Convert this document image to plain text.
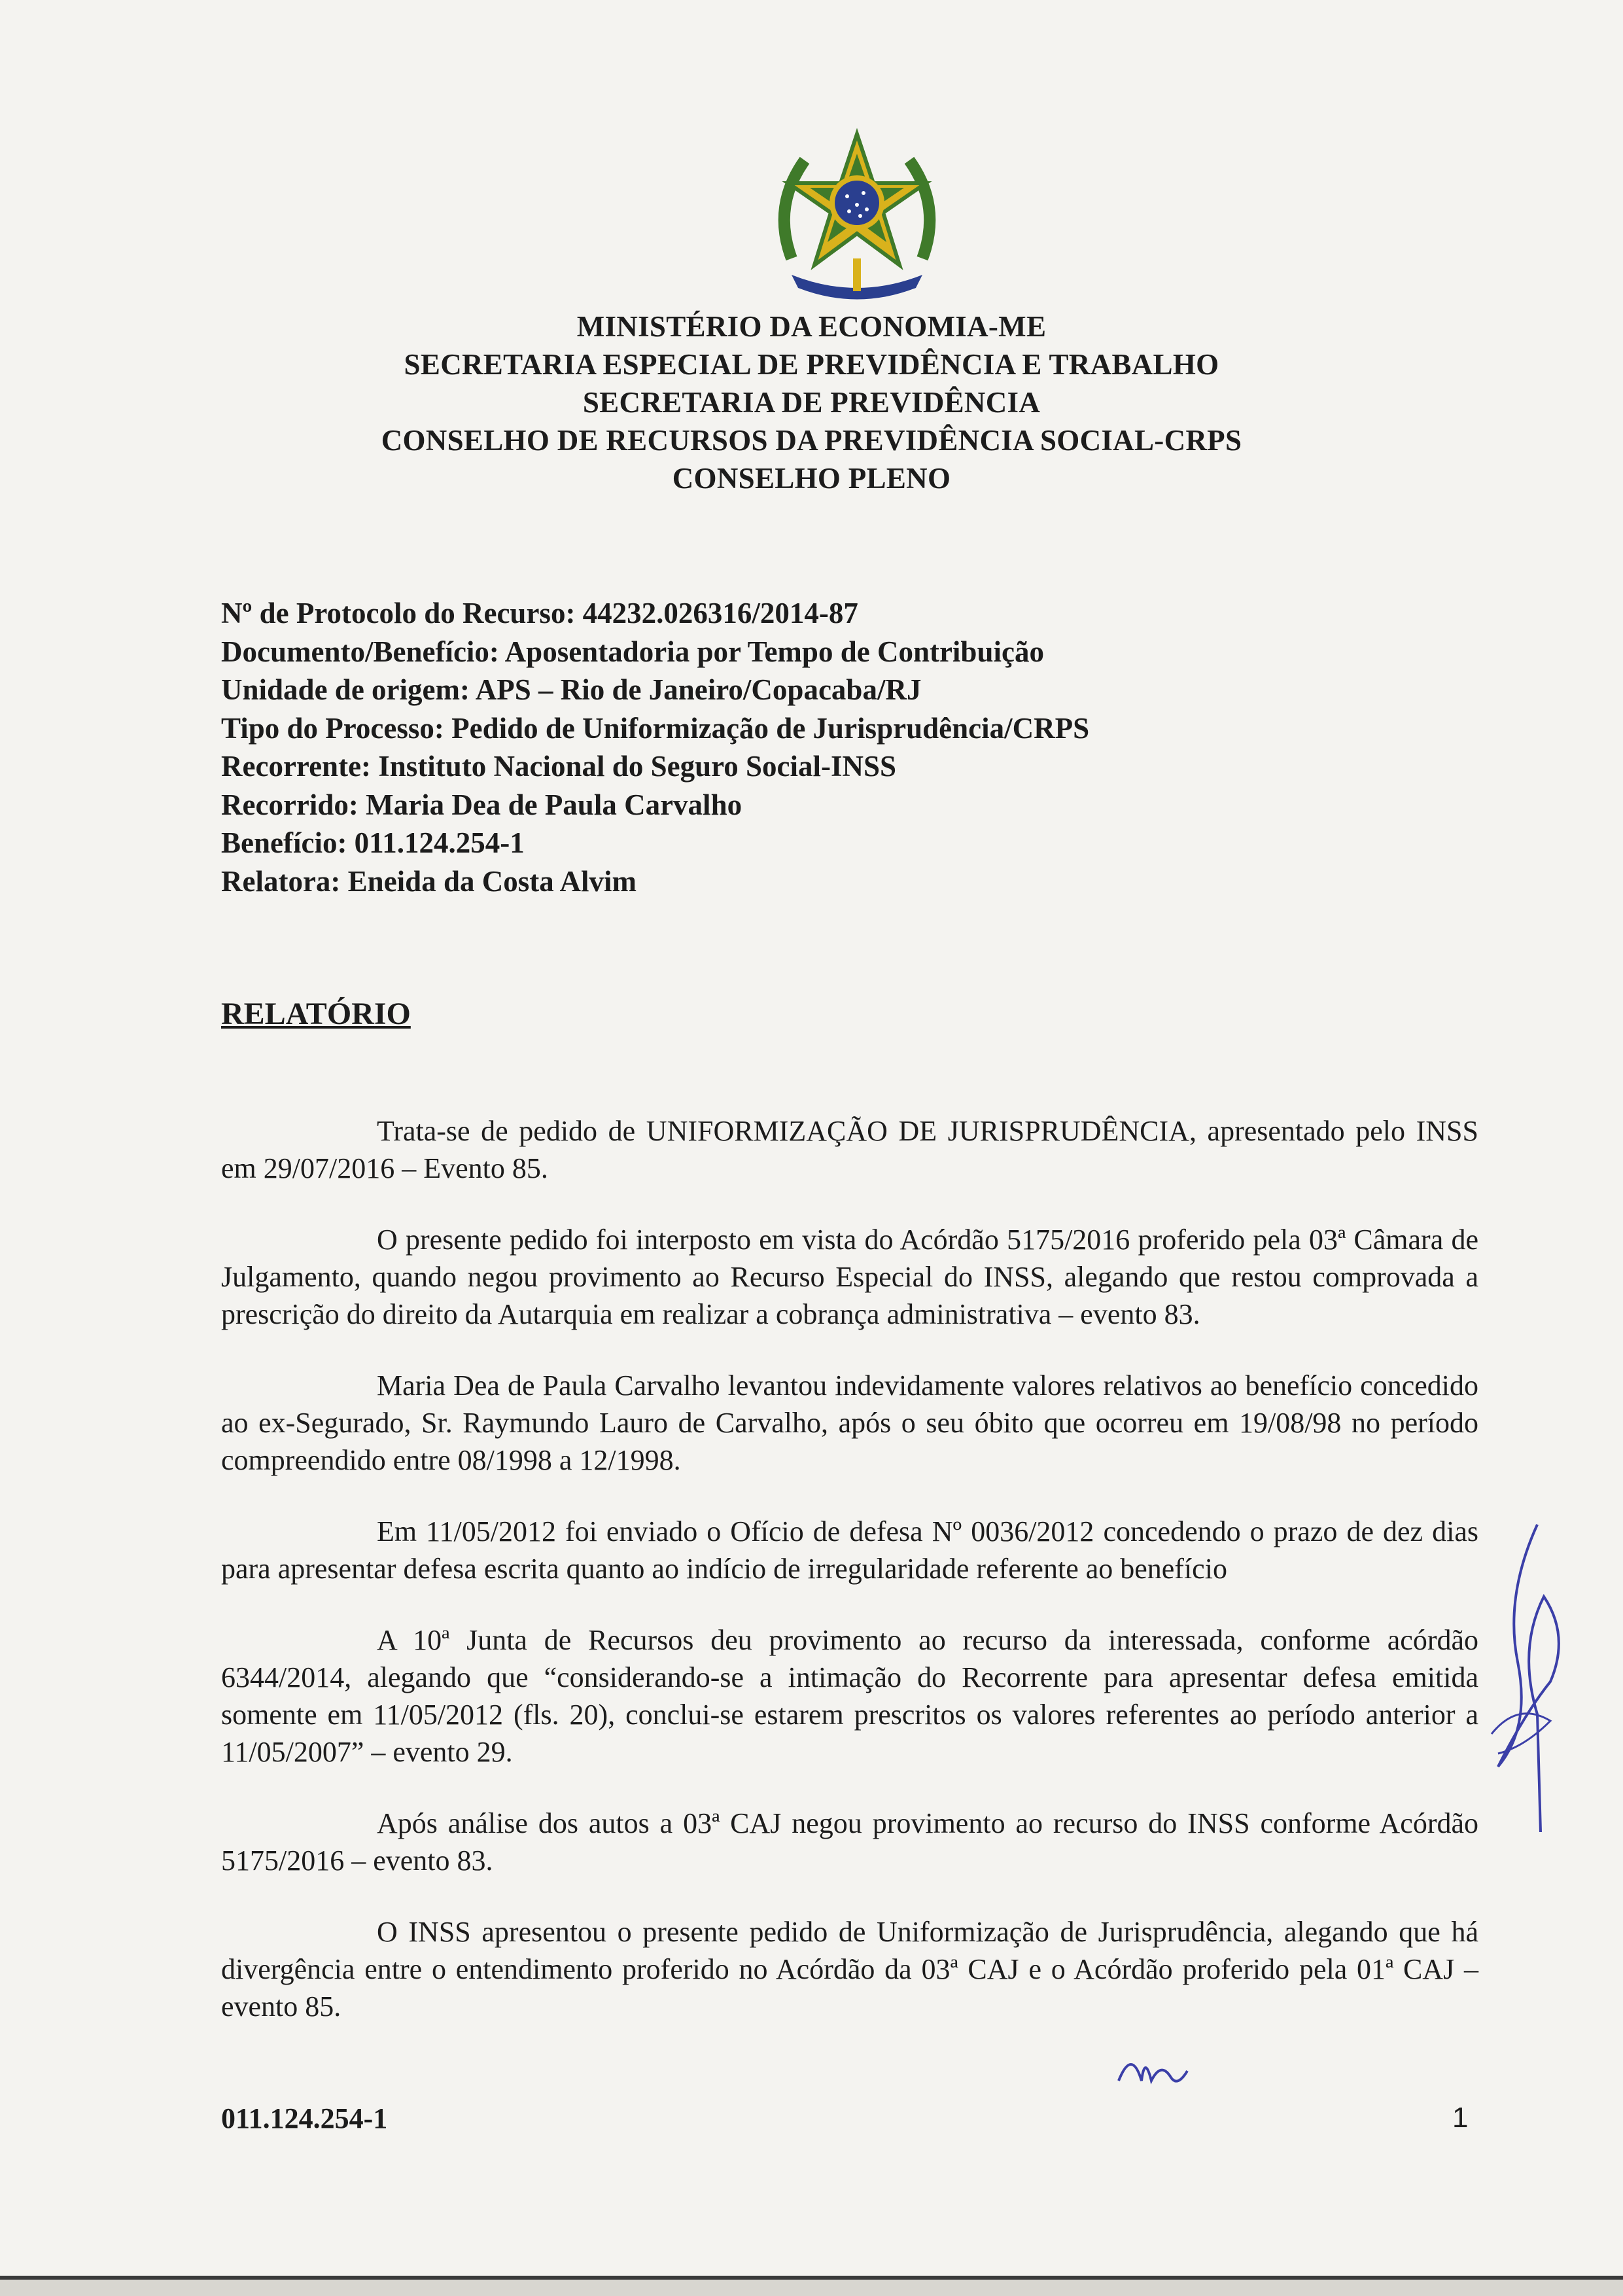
MINISTÉRIO DA ECONOMIA-ME
SECRETARIA ESPECIAL DE PREVIDÊNCIA E TRABALHO
SECRETARIA DE PREVIDÊNCIA
CONSELHO DE RECURSOS DA PREVIDÊNCIA SOCIAL-CRPS
CONSELHO PLENO
Nº de Protocolo do Recurso: 44232.026316/2014-87
Documento/Benefício: Aposentadoria por Tempo de Contribuição
Unidade de origem: APS – Rio de Janeiro/Copacaba/RJ
Tipo do Processo: Pedido de Uniformização de Jurisprudência/CRPS
Recorrente: Instituto Nacional do Seguro Social-INSS
Recorrido: Maria Dea de Paula Carvalho
Benefício: 011.124.254-1
Relatora: Eneida da Costa Alvim
RELATÓRIO

Trata-se de pedido de UNIFORMIZAÇÃO DE JURISPRUDÊNCIA, apresentado pelo INSS em 29/07/2016 – Evento 85.

O presente pedido foi interposto em vista do Acórdão 5175/2016 proferido pela 03ª Câmara de Julgamento, quando negou provimento ao Recurso Especial do INSS, alegando que restou comprovada a prescrição do direito da Autarquia em realizar a cobrança administrativa – evento 83.

Maria Dea de Paula Carvalho levantou indevidamente valores relativos ao benefício concedido ao ex-Segurado, Sr. Raymundo Lauro de Carvalho, após o seu óbito que ocorreu em 19/08/98 no período compreendido entre 08/1998 a 12/1998.

Em 11/05/2012 foi enviado o Ofício de defesa Nº 0036/2012 concedendo o prazo de dez dias para apresentar defesa escrita quanto ao indício de irregularidade referente ao benefício

A 10ª Junta de Recursos deu provimento ao recurso da interessada, conforme acórdão 6344/2014, alegando que “considerando-se a intimação do Recorrente para apresentar defesa emitida somente em 11/05/2012 (fls. 20), conclui-se estarem prescritos os valores referentes ao período anterior a 11/05/2007” – evento 29.

Após análise dos autos a 03ª CAJ negou provimento ao recurso do INSS conforme Acórdão 5175/2016 – evento 83.

O INSS apresentou o presente pedido de Uniformização de Jurisprudência, alegando que há divergência entre o entendimento proferido no Acórdão da 03ª CAJ e o Acórdão proferido pela 01ª CAJ – evento 85.

011.124.254-1	1
